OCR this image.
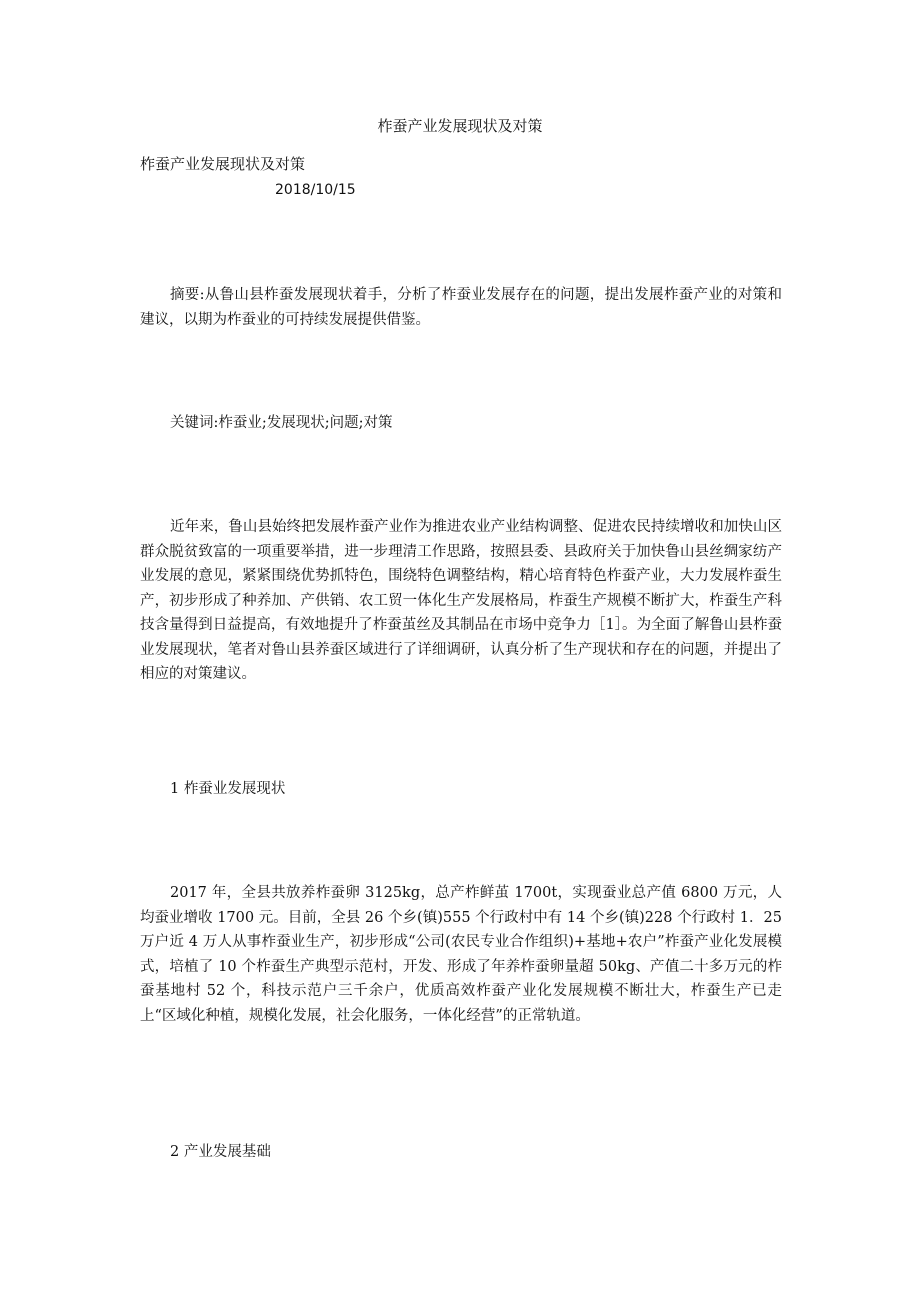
柞蚕产业发展现状及对策
柞蚕产业发展现状及对策
2018/10/15

摘要:从鲁山县柞蚕发展现状着手，分析了柞蚕业发展存在的问题，提出发展柞蚕产业的对策和建议，以期为柞蚕业的可持续发展提供借鉴。

关键词:柞蚕业;发展现状;问题;对策

近年来，鲁山县始终把发展柞蚕产业作为推进农业产业结构调整、促进农民持续增收和加快山区群众脱贫致富的一项重要举措，进一步理清工作思路，按照县委、县政府关于加快鲁山县丝绸家纺产业发展的意见，紧紧围绕优势抓特色，围绕特色调整结构，精心培育特色柞蚕产业，大力发展柞蚕生产，初步形成了种养加、产供销、农工贸一体化生产发展格局，柞蚕生产规模不断扩大，柞蚕生产科技含量得到日益提高，有效地提升了柞蚕茧丝及其制品在市场中竞争力［1］。为全面了解鲁山县柞蚕业发展现状，笔者对鲁山县养蚕区域进行了详细调研，认真分析了生产现状和存在的问题，并提出了相应的对策建议。

1 柞蚕业发展现状

2017 年，全县共放养柞蚕卵 3125kg，总产柞鲜茧 1700t，实现蚕业总产值 6800 万元，人均蚕业增收 1700 元。目前，全县 26 个乡(镇)555 个行政村中有 14 个乡(镇)228 个行政村 1．25 万户近 4 万人从事柞蚕业生产，初步形成“公司(农民专业合作组织)+基地+农户”柞蚕产业化发展模式，培植了 10 个柞蚕生产典型示范村，开发、形成了年养柞蚕卵量超 50kg、产值二十多万元的柞蚕基地村 52 个，科技示范户三千余户，优质高效柞蚕产业化发展规模不断壮大，柞蚕生产已走上“区域化种植，规模化发展，社会化服务，一体化经营”的正常轨道。

2 产业发展基础
